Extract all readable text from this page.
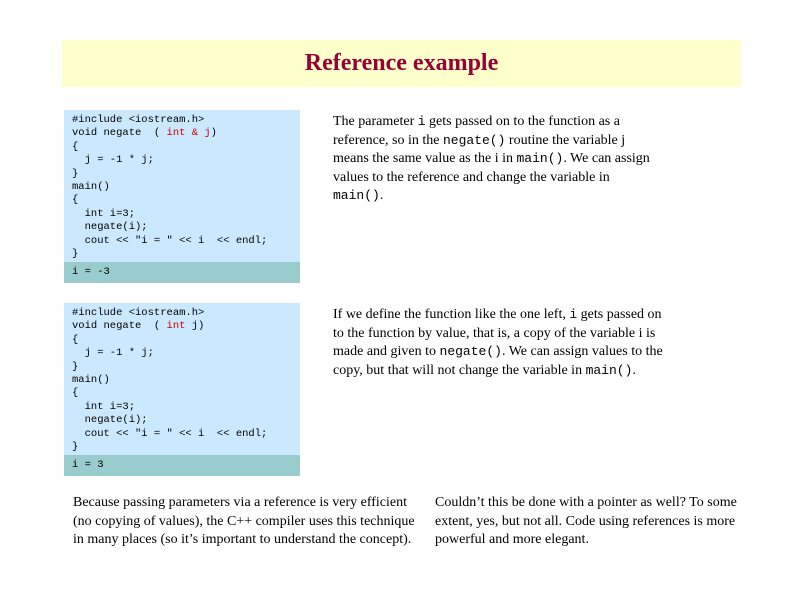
Reference example
#include <iostream.h>
void negate  ( int & j)
{
j = -1 * j;
}
main()
{
int i=3;
negate(i);
cout << "i = " << i  << endl;
}
i = -3
The parameter i gets passed on to the function as a reference, so in the negate() routine the variable j means the same value as the i in main(). We can assign values to the reference and change the variable in main().
#include <iostream.h>
void negate  ( int j)
{
j = -1 * j;
}
main()
{
int i=3;
negate(i);
cout << "i = " << i  << endl;
}
i = 3
If we define the function like the one left, i gets passed on to the function by value, that is, a copy of the variable i is made and given to negate(). We can assign values to the copy, but that will not change the variable in main().
Because passing parameters via a reference is very efficient (no copying of values), the C++ compiler uses this technique in many places (so it’s important to understand the concept).
Couldn’t this be done with a pointer as well? To some extent, yes, but not all. Code using references is more powerful and more elegant.
